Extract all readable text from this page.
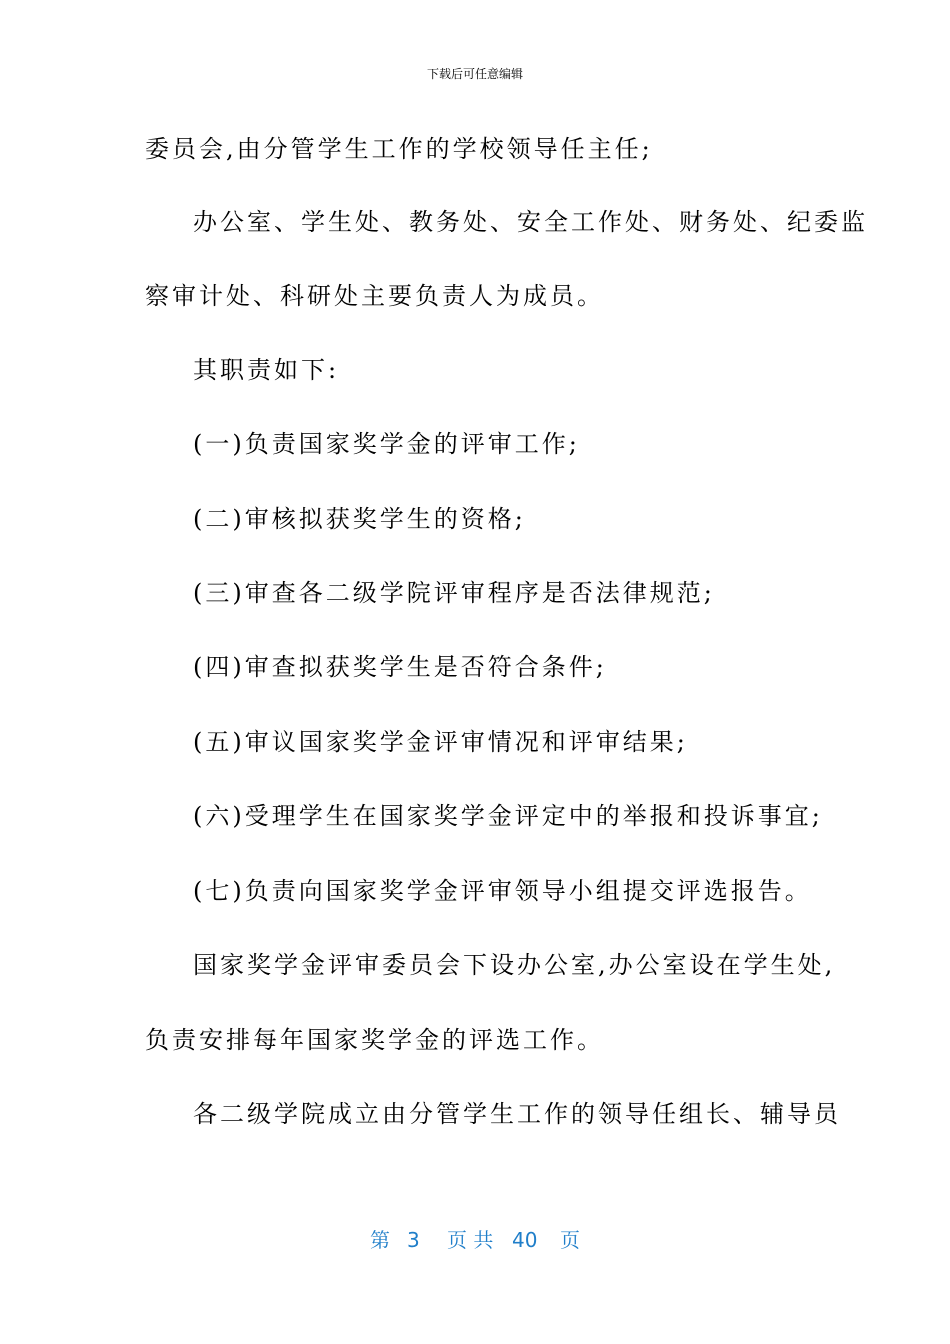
下载后可任意编辑
委员会,由分管学生工作的学校领导任主任;
办公室、学生处、教务处、安全工作处、财务处、纪委监
察审计处、科研处主要负责人为成员。
其职责如下:
(一)负责国家奖学金的评审工作;
(二)审核拟获奖学生的资格;
(三)审查各二级学院评审程序是否法律规范;
(四)审查拟获奖学生是否符合条件;
(五)审议国家奖学金评审情况和评审结果;
(六)受理学生在国家奖学金评定中的举报和投诉事宜;
(七)负责向国家奖学金评审领导小组提交评选报告。
国家奖学金评审委员会下设办公室,办公室设在学生处,
负责安排每年国家奖学金的评选工作。
各二级学院成立由分管学生工作的领导任组长、辅导员
第 3 页 共 40 页
